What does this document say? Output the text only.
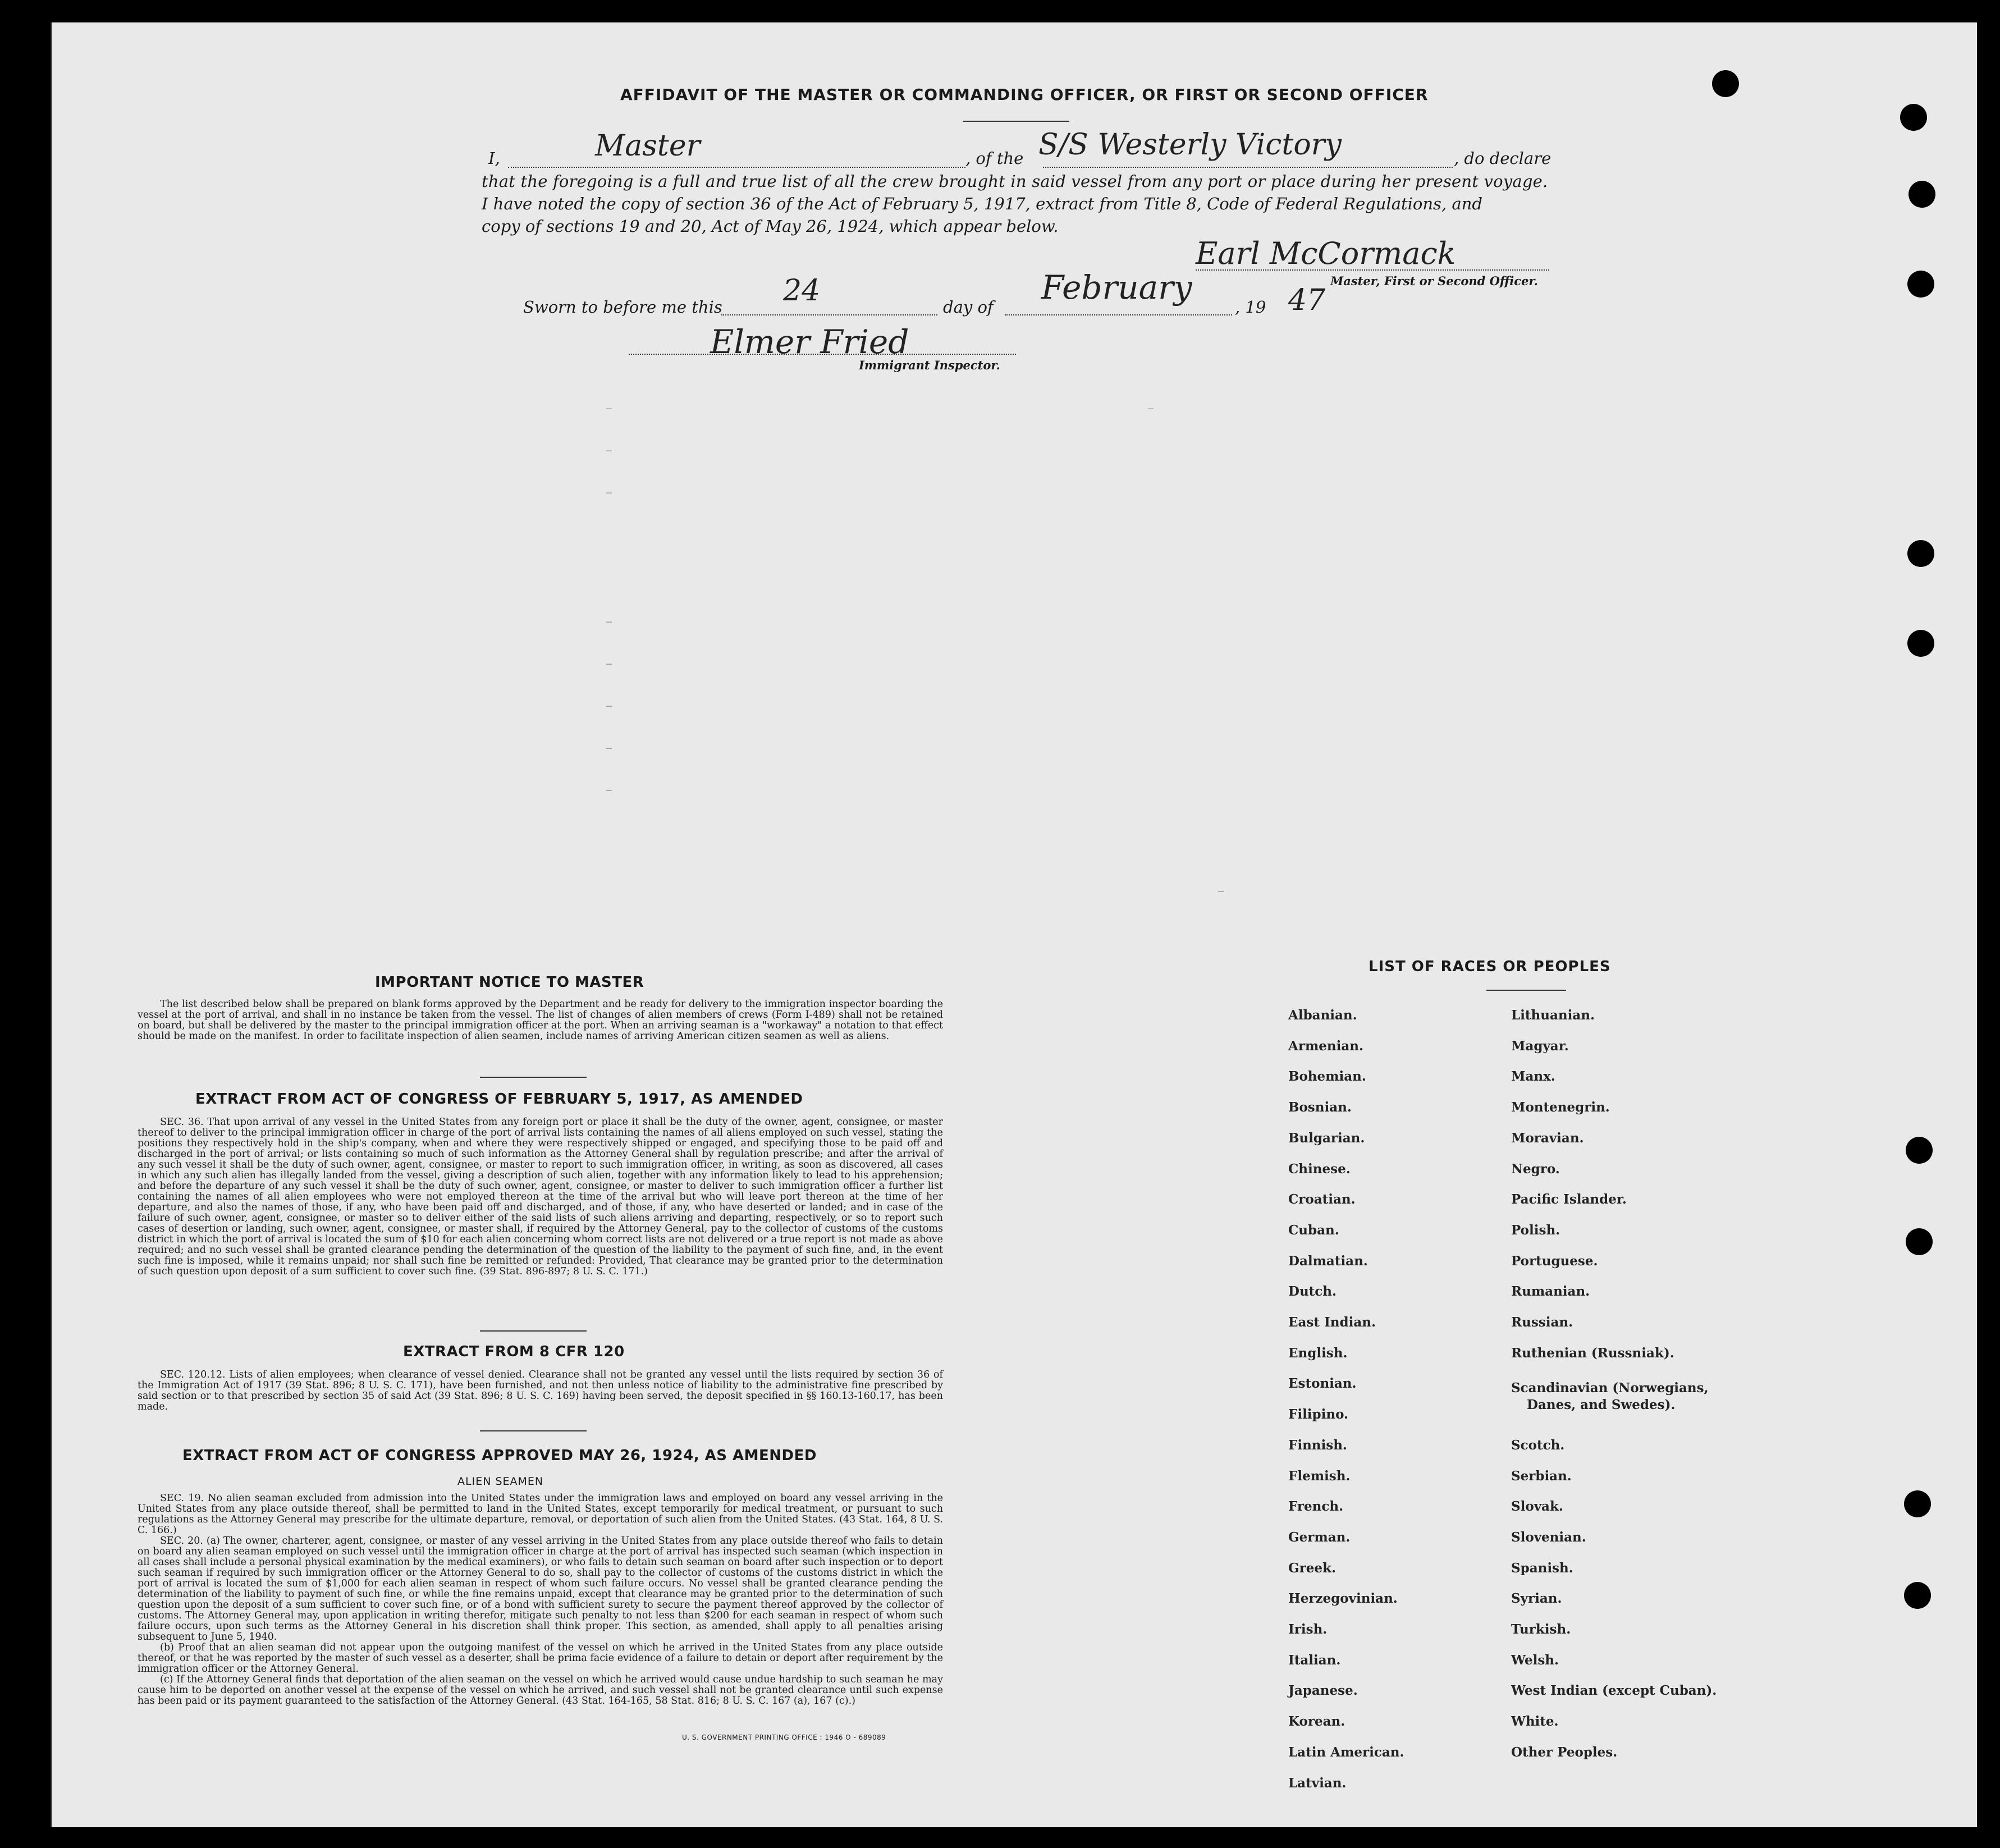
AFFIDAVIT OF THE MASTER OR COMMANDING OFFICER, OR FIRST OR SECOND OFFICER
I,	Master	, of the S/S Westerly Victory	, do declare
that the foregoing is a full and true list of all the crew brought in said vessel from any port or place during her present voyage.
I have noted the copy of section 36 of the Act of February 5, 1917, extract from Title 8, Code of Federal Regulations, and
copy of sections 19 and 20, Act of May 26, 1924, which appear below.
Earl McCormack
Master, First or Second Officer.
Sworn to before me this 24	day of
February
, 19 47
Elmer Fried
Immigrant Inspector.
_	_
_
_
_
_
_
_
_
_
IMPORTANT NOTICE TO MASTER

The list described below shall be prepared on blank forms approved by the Department and be ready for delivery to the immigration inspector boarding the vessel at the port of arrival, and shall in no instance be taken from the vessel. The list of changes of alien members of crews (Form I-489) shall not be retained on board, but shall be delivered by the master to the principal immigration officer at the port. When an arriving seaman is a "workaway" a notation to that effect should be made on the manifest. In order to facilitate inspection of alien seamen, include names of arriving American citizen seamen as well as aliens.

EXTRACT FROM ACT OF CONGRESS OF FEBRUARY 5, 1917, AS AMENDED

SEC. 36. That upon arrival of any vessel in the United States from any foreign port or place it shall be the duty of the owner, agent, consignee, or master thereof to deliver to the principal immigration officer in charge of the port of arrival lists containing the names of all aliens employed on such vessel, stating the positions they respectively hold in the ship's company, when and where they were respectively shipped or engaged, and specifying those to be paid off and discharged in the port of arrival; or lists containing so much of such information as the Attorney General shall by regulation prescribe; and after the arrival of any such vessel it shall be the duty of such owner, agent, consignee, or master to report to such immigration officer, in writing, as soon as discovered, all cases in which any such alien has illegally landed from the vessel, giving a description of such alien, together with any information likely to lead to his apprehension; and before the departure of any such vessel it shall be the duty of such owner, agent, consignee, or master to deliver to such immigration officer a further list containing the names of all alien employees who were not employed thereon at the time of the arrival but who will leave port thereon at the time of her departure, and also the names of those, if any, who have been paid off and discharged, and of those, if any, who have deserted or landed; and in case of the failure of such owner, agent, consignee, or master so to deliver either of the said lists of such aliens arriving and departing, respectively, or so to report such cases of desertion or landing, such owner, agent, consignee, or master shall, if required by the Attorney General, pay to the collector of customs of the customs district in which the port of arrival is located the sum of $10 for each alien concerning whom correct lists are not delivered or a true report is not made as above required; and no such vessel shall be granted clearance pending the determination of the question of the liability to the payment of such fine, and, in the event such fine is imposed, while it remains unpaid; nor shall such fine be remitted or refunded: Provided, That clearance may be granted prior to the determination of such question upon deposit of a sum sufficient to cover such fine. (39 Stat. 896-897; 8 U. S. C. 171.)

EXTRACT FROM 8 CFR 120

SEC. 120.12. Lists of alien employees; when clearance of vessel denied. Clearance shall not be granted any vessel until the lists required by section 36 of the Immigration Act of 1917 (39 Stat. 896; 8 U. S. C. 171), have been furnished, and not then unless notice of liability to the administrative fine prescribed by said section or to that prescribed by section 35 of said Act (39 Stat. 896; 8 U. S. C. 169) having been served, the deposit specified in §§ 160.13-160.17, has been made.

EXTRACT FROM ACT OF CONGRESS APPROVED MAY 26, 1924, AS AMENDED
ALIEN SEAMEN

SEC. 19. No alien seaman excluded from admission into the United States under the immigration laws and employed on board any vessel arriving in the United States from any place outside thereof, shall be permitted to land in the United States, except temporarily for medical treatment, or pursuant to such regulations as the Attorney General may prescribe for the ultimate departure, removal, or deportation of such alien from the United States. (43 Stat. 164, 8 U. S. C. 166.)

SEC. 20. (a) The owner, charterer, agent, consignee, or master of any vessel arriving in the United States from any place outside thereof who fails to detain on board any alien seaman employed on such vessel until the immigration officer in charge at the port of arrival has inspected such seaman (which inspection in all cases shall include a personal physical examination by the medical examiners), or who fails to detain such seaman on board after such inspection or to deport such seaman if required by such immigration officer or the Attorney General to do so, shall pay to the collector of customs of the customs district in which the port of arrival is located the sum of $1,000 for each alien seaman in respect of whom such failure occurs. No vessel shall be granted clearance pending the determination of the liability to payment of such fine, or while the fine remains unpaid, except that clearance may be granted prior to the determination of such question upon the deposit of a sum sufficient to cover such fine, or of a bond with sufficient surety to secure the payment thereof approved by the collector of customs. The Attorney General may, upon application in writing therefor, mitigate such penalty to not less than $200 for each seaman in respect of whom such failure occurs, upon such terms as the Attorney General in his discretion shall think proper. This section, as amended, shall apply to all penalties arising subsequent to June 5, 1940.

(b) Proof that an alien seaman did not appear upon the outgoing manifest of the vessel on which he arrived in the United States from any place outside thereof, or that he was reported by the master of such vessel as a deserter, shall be prima facie evidence of a failure to detain or deport after requirement by the immigration officer or the Attorney General.

(c) If the Attorney General finds that deportation of the alien seaman on the vessel on which he arrived would cause undue hardship to such seaman he may cause him to be deported on another vessel at the expense of the vessel on which he arrived, and such vessel shall not be granted clearance until such expense has been paid or its payment guaranteed to the satisfaction of the Attorney General. (43 Stat. 164-165, 58 Stat. 816; 8 U. S. C. 167 (a), 167 (c).)

U. S. GOVERNMENT PRINTING OFFICE : 1946 O - 689089
LIST OF RACES OR PEOPLES
Albanian.
Armenian.
Bohemian.
Bosnian.
Bulgarian.
Chinese.
Croatian.
Cuban.
Dalmatian.
Dutch.
East Indian.
English.
Estonian.
Filipino.
Finnish.
Flemish.
French.
German.
Greek.
Herzegovinian.
Irish.
Italian.
Japanese.
Korean.
Latin American.
Latvian.
Lithuanian.
Magyar.
Manx.
Montenegrin.
Moravian.
Negro.
Pacific Islander.
Polish.
Portuguese.
Rumanian.
Russian.
Ruthenian (Russniak).
Scandinavian (Norwegians,
Danes, and Swedes).
Scotch.
Serbian.
Slovak.
Slovenian.
Spanish.
Syrian.
Turkish.
Welsh.
West Indian (except Cuban).
White.
Other Peoples.
